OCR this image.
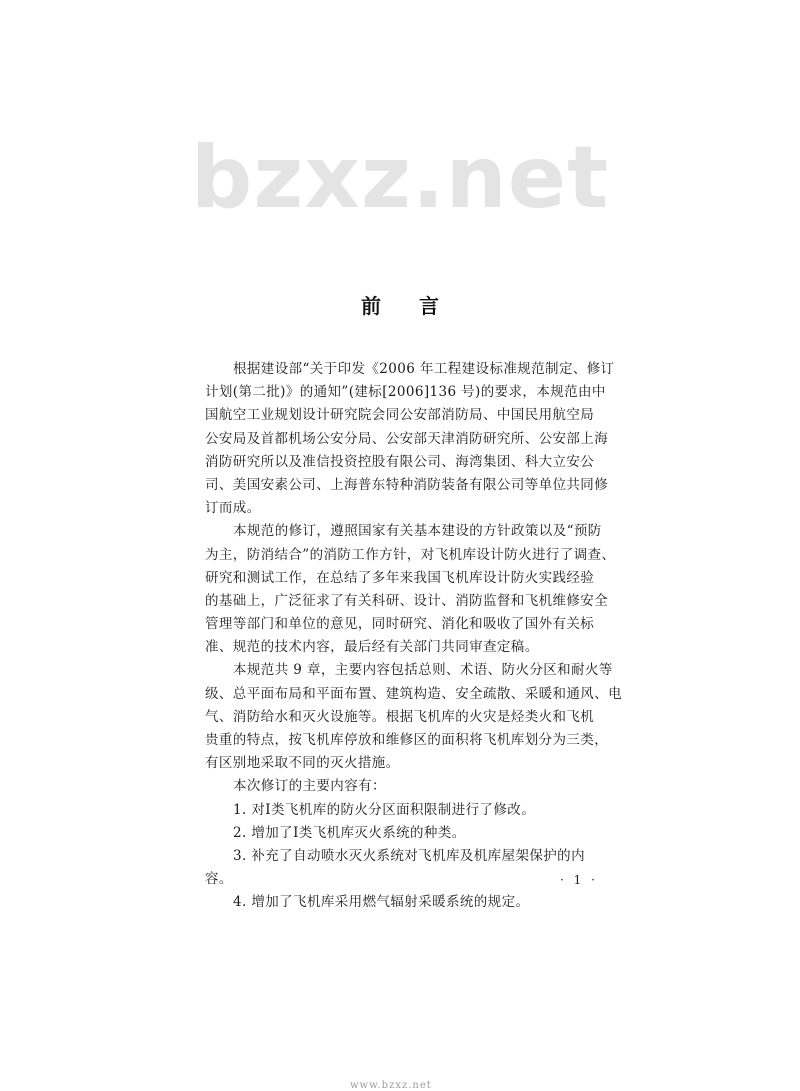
bzxz.net
前 言
根据建设部“关于印发《2006 年工程建设标准规范制定、修订
计划(第二批)》的通知”(建标[2006]136 号)的要求，本规范由中
国航空工业规划设计研究院会同公安部消防局、中国民用航空局
公安局及首都机场公安分局、公安部天津消防研究所、公安部上海
消防研究所以及准信投资控股有限公司、海湾集团、科大立安公
司、美国安素公司、上海普东特种消防装备有限公司等单位共同修
订而成。
本规范的修订，遵照国家有关基本建设的方针政策以及“预防
为主，防消结合”的消防工作方针，对飞机库设计防火进行了调查、
研究和测试工作，在总结了多年来我国飞机库设计防火实践经验
的基础上，广泛征求了有关科研、设计、消防监督和飞机维修安全
管理等部门和单位的意见，同时研究、消化和吸收了国外有关标
准、规范的技术内容，最后经有关部门共同审查定稿。
本规范共 9 章，主要内容包括总则、术语、防火分区和耐火等
级、总平面布局和平面布置、建筑构造、安全疏散、采暖和通风、电
气、消防给水和灭火设施等。根据飞机库的火灾是烃类火和飞机
贵重的特点，按飞机库停放和维修区的面积将飞机库划分为三类，
有区别地采取不同的灭火措施。
本次修订的主要内容有：
1. 对Ⅰ类飞机库的防火分区面积限制进行了修改。
2. 增加了Ⅰ类飞机库灭火系统的种类。
3. 补充了自动喷水灭火系统对飞机库及机库屋架保护的内
容。
4. 增加了飞机库采用燃气辐射采暖系统的规定。
· 1 ·
www.bzxz.net
